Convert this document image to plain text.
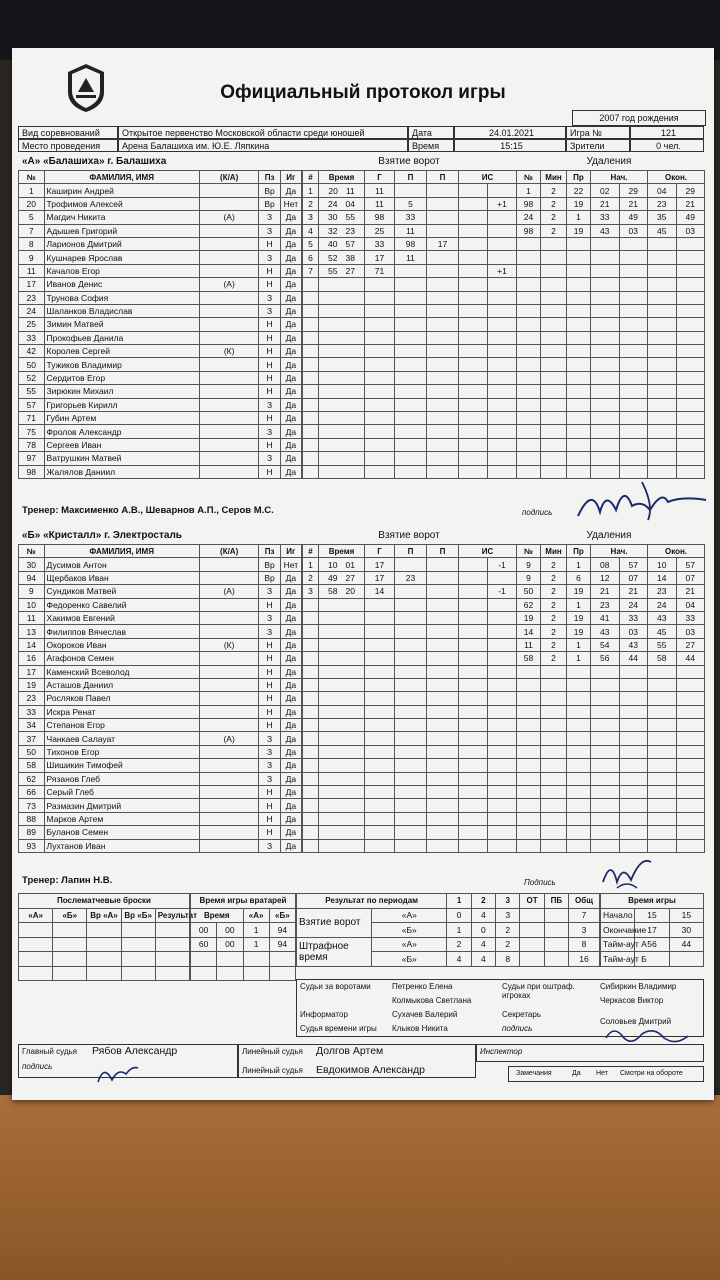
Официальный протокол игры
2007 год рождения
Вид соревнований	Открытое первенство Московской области среди юношей	Дата	24.01.2021	Игра №	121
Место проведения	Арена Балашиха им. Ю.Е. Ляпкина	Время	15:15	Зрители	0 чел.
«А» «Балашиха» г. Балашиха	Взятие ворот	Удаления
№	ФАМИЛИЯ, ИМЯ	(К/А)	Пз	Иг
1	Каширин Андрей		Вр	Да
20	Трофимов Алексей		Вр	Нет
5	Магдич Никита	(А)	З	Да
7	Адышев Григорий		З	Да
8	Ларионов Дмитрий		Н	Да
9	Кушнарев Ярослав		З	Да
11	Качалов Егор		Н	Да
17	Иванов Денис	(А)	Н	Да
23	Трунова София		З	Да
24	Шаланков Владислав		З	Да
25	Зимин Матвей		Н	Да
33	Прокофьев Данила		Н	Да
42	Королев Сергей	(К)	Н	Да
50	Тужиков Владимир		Н	Да
52	Сердитов Егор		Н	Да
55	Зирюкин Михаил		Н	Да
57	Григорьев Кирилл		З	Да
71	Губин Артем		Н	Да
75	Фролов Александр		З	Да
78	Сергеев Иван		Н	Да
97	Ватрушкин Матвей		З	Да
98	Жалялов Даниил		Н	Да
#	Время	Г	П	П	ИС	
1	20 11	11				
2	24 04	11	5			+1
3	30 55	98	33			
4	32 23	25	11			
5	40 57	33	98	17		
6	52 38	17	11			
7	55 27	71				+1

№	Мин	Пр	Нач.		Окон.	
1	2	22	02	29	04	29
98	2	19	21	21	23	21
24	2	1	33	49	35	49
98	2	19	43	03	45	03

Тренер: Максименко А.В., Шеварнов А.П., Серов М.С.	подпись
«Б» «Кристалл» г. Электросталь	Взятие ворот	Удаления
№	ФАМИЛИЯ, ИМЯ	(К/А)	Пз	Иг
30	Дусимов Антон		Вр	Нет
94	Щербаков Иван		Вр	Да
9	Сундиков Матвей	(А)	З	Да
10	Федоренко Савелий		Н	Да
11	Хакимов Евгений		З	Да
13	Филиппов Вячеслав		З	Да
14	Окороков Иван	(К)	Н	Да
16	Агафонов Семен		Н	Да
17	Каменский Всеволод		Н	Да
19	Асташов Даниил		Н	Да
23	Росляков Павел		Н	Да
33	Искра Ренат		Н	Да
34	Степанов Егор		Н	Да
37	Чанкаев Салауат	(А)	З	Да
50	Тихонов Егор		З	Да
58	Шишикин Тимофей		З	Да
62	Рязанов Глеб		З	Да
66	Серый Глеб		Н	Да
73	Размазин Дмитрий		Н	Да
88	Марков Артем		Н	Да
89	Буланов Семен		Н	Да
93	Лухтанов Иван		З	Да
#	Время	Г	П	П	ИС	
1	10 01	17				-1
2	49 27	17	23			
3	58 20	14				-1

№	Мин	Пр	Нач.		Окон.	
9	2	1	08	57	10	57
9	2	6	12	07	14	07
50	2	19	21	21	23	21
62	2	1	23	24	24	04
19	2	19	41	33	43	33
14	2	19	43	03	45	03
11	2	1	54	43	55	27
58	2	1	56	44	58	44

Тренер: Лапин Н.В.	Подпись
Послематчевые броски				
«А»	«Б»	Вр «А»	Вр «Б»	Результат

Время игры вратарей			
Время		«А»	«Б»
00	00	1	94
60	00	1	94

Результат по периодам		1	2	3	ОТ	ПБ	Общ
Взятие ворот	«А»	0	4	3			7
	«Б»	1	0	2			3
Штрафное время	«А»	2	4	2			8
	«Б»	4	4	8			16
Время игры		
Начало	15	15
Окончание	17	30
Тайм-аут А	56	44
Тайм-аут Б		
Судьи за воротами	Петренко Елена
Колмыкова Светлана
Судьи при оштраф. игроках
Сибиркин Владимир
Черкасов Виктор
Информатор	Сухачев Валерий	Секретарь
Соловьев Дмитрий
Судья времени игры Клыков Никита	подпись
Главный судья Рябов Александр
подпись
Линейный судья Долгов Артем
Линейный судья Евдокимов Александр
Инспектор
Замечания	Да Нет Смотри на обороте
